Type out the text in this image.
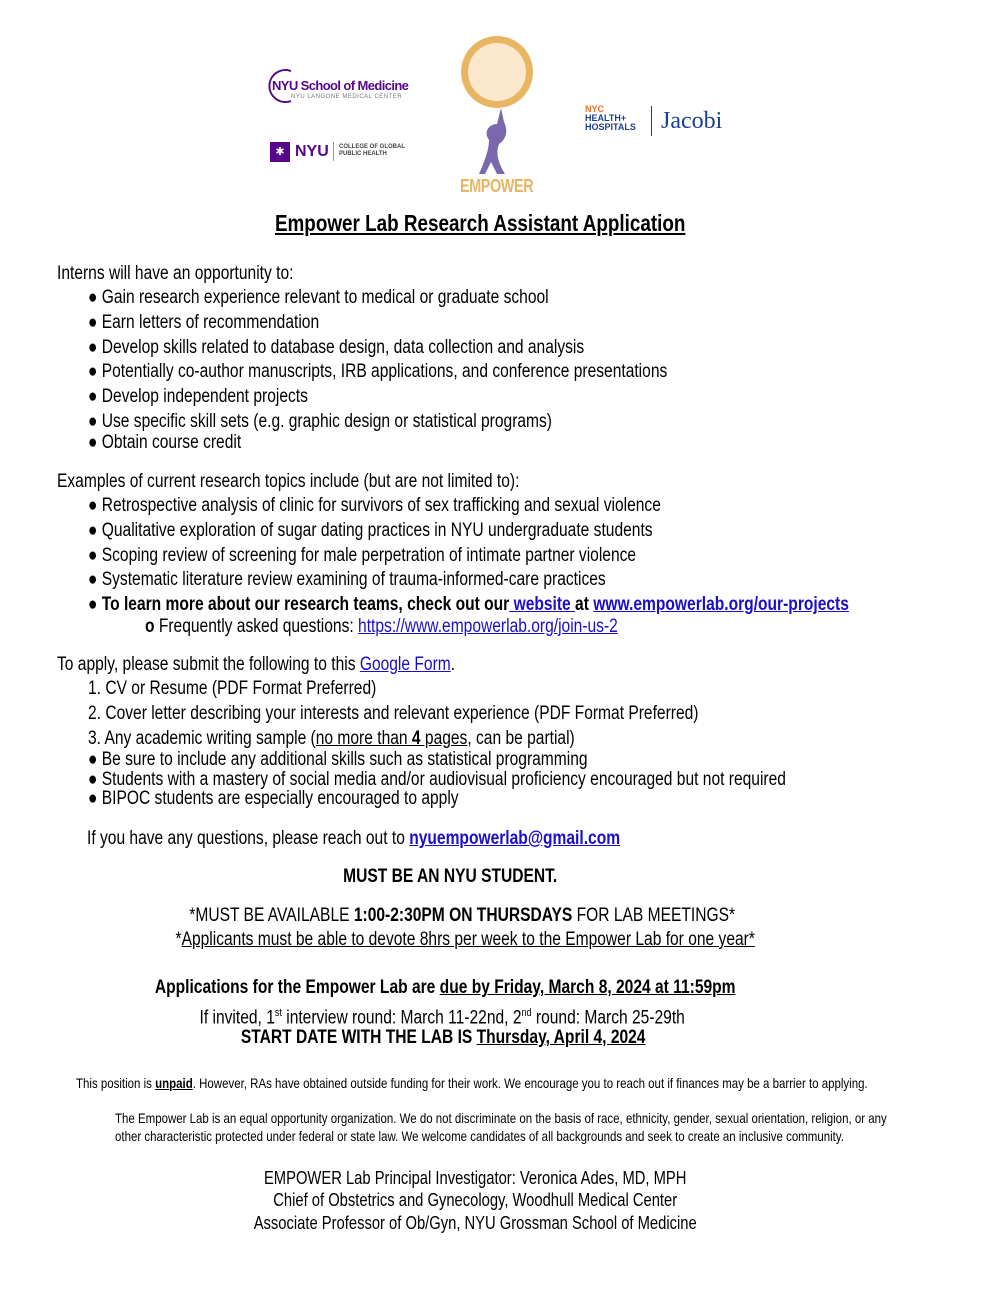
NYU School of Medicine
NYU LANGONE MEDICAL CENTER
✱ NYU COLLEGE OF GLOBAL
PUBLIC HEALTH
EMPOWER
NYC
HEALTH+
HOSPITALS Jacobi
Empower Lab Research Assistant Application
Interns will have an opportunity to:
● Gain research experience relevant to medical or graduate school
● Earn letters of recommendation
● Develop skills related to database design, data collection and analysis
● Potentially co-author manuscripts, IRB applications, and conference presentations
● Develop independent projects
● Use specific skill sets (e.g. graphic design or statistical programs)
● Obtain course credit
Examples of current research topics include (but are not limited to):
● Retrospective analysis of clinic for survivors of sex trafficking and sexual violence
● Qualitative exploration of sugar dating practices in NYU undergraduate students
● Scoping review of screening for male perpetration of intimate partner violence
● Systematic literature review examining of trauma-informed-care practices
● To learn more about our research teams, check out our website at www.empowerlab.org/our-projects
o Frequently asked questions: https://www.empowerlab.org/join-us-2
To apply, please submit the following to this Google Form.
1. CV or Resume (PDF Format Preferred)
2. Cover letter describing your interests and relevant experience (PDF Format Preferred)
3. Any academic writing sample (no more than 4 pages, can be partial)
● Be sure to include any additional skills such as statistical programming
● Students with a mastery of social media and/or audiovisual proficiency encouraged but not required
● BIPOC students are especially encouraged to apply
If you have any questions, please reach out to nyuempowerlab@gmail.com
MUST BE AN NYU STUDENT.
*MUST BE AVAILABLE 1:00-2:30PM ON THURSDAYS FOR LAB MEETINGS*
*Applicants must be able to devote 8hrs per week to the Empower Lab for one year*
Applications for the Empower Lab are due by Friday, March 8, 2024 at 11:59pm
If invited, 1st interview round: March 11-22nd, 2nd round: March 25-29th
START DATE WITH THE LAB IS Thursday, April 4, 2024
This position is unpaid. However, RAs have obtained outside funding for their work. We encourage you to reach out if finances may be a barrier to applying.
The Empower Lab is an equal opportunity organization. We do not discriminate on the basis of race, ethnicity, gender, sexual orientation, religion, or any
other characteristic protected under federal or state law. We welcome candidates of all backgrounds and seek to create an inclusive community.
EMPOWER Lab Principal Investigator: Veronica Ades, MD, MPH
Chief of Obstetrics and Gynecology, Woodhull Medical Center
Associate Professor of Ob/Gyn, NYU Grossman School of Medicine
